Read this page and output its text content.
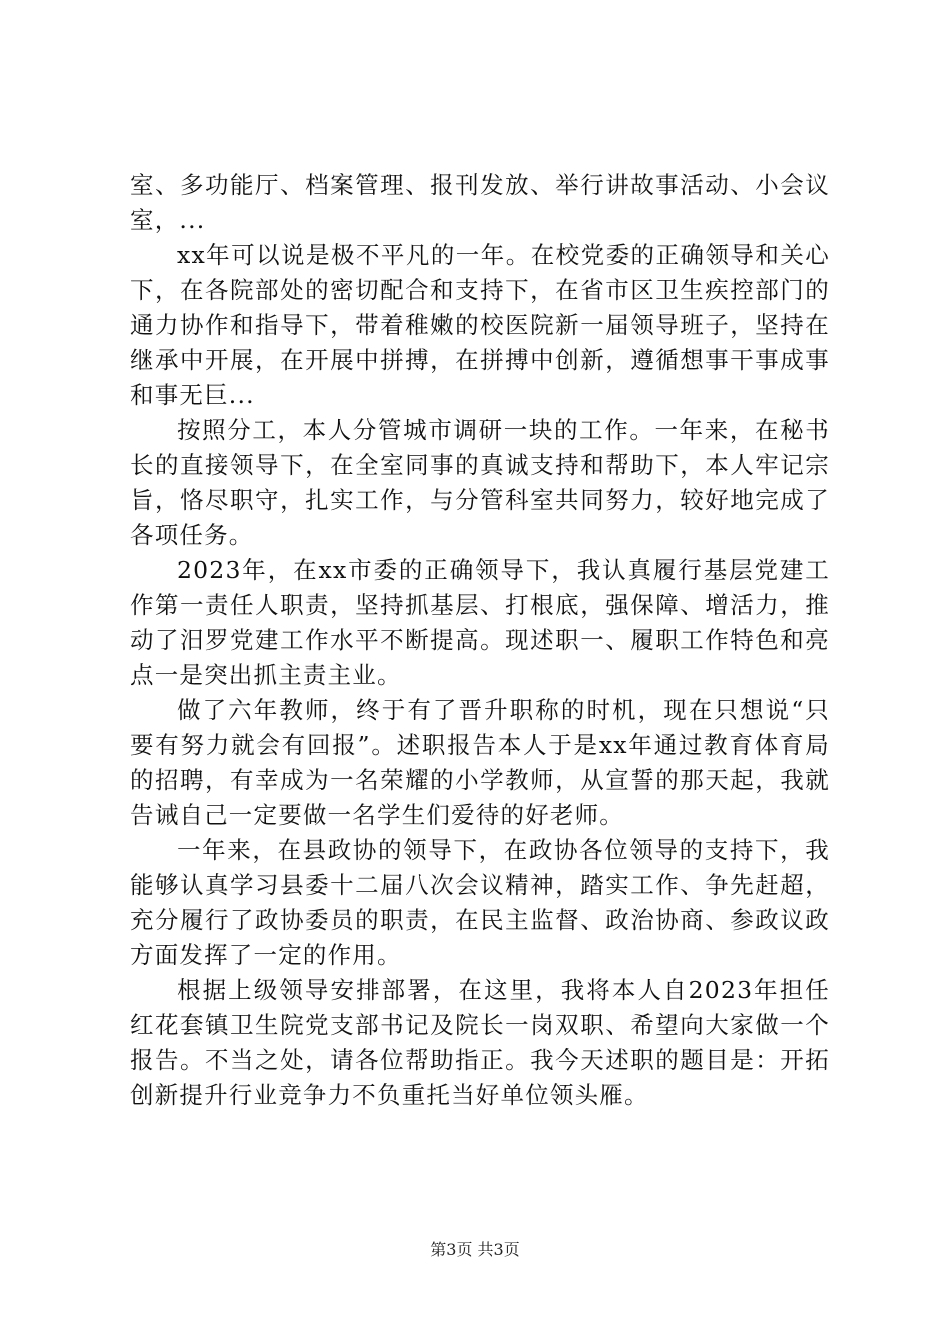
室、多功能厅、档案管理、报刊发放、举行讲故事活动、小会议室，...

xx年可以说是极不平凡的一年。在校党委的正确领导和关心下，在各院部处的密切配合和支持下，在省市区卫生疾控部门的通力协作和指导下，带着稚嫩的校医院新一届领导班子，坚持在继承中开展，在开展中拼搏，在拼搏中创新，遵循想事干事成事和事无巨...

按照分工，本人分管城市调研一块的工作。一年来，在秘书长的直接领导下，在全室同事的真诚支持和帮助下，本人牢记宗旨，恪尽职守，扎实工作，与分管科室共同努力，较好地完成了各项任务。

2023年，在xx市委的正确领导下，我认真履行基层党建工作第一责任人职责，坚持抓基层、打根底，强保障、增活力，推动了汨罗党建工作水平不断提高。现述职一、履职工作特色和亮点一是突出抓主责主业。

做了六年教师，终于有了晋升职称的时机，现在只想说“只要有努力就会有回报”。述职报告本人于是xx年通过教育体育局的招聘，有幸成为一名荣耀的小学教师，从宣誓的那天起，我就告诫自己一定要做一名学生们爱待的好老师。

一年来，在县政协的领导下，在政协各位领导的支持下，我能够认真学习县委十二届八次会议精神，踏实工作、争先赶超，充分履行了政协委员的职责，在民主监督、政治协商、参政议政方面发挥了一定的作用。

根据上级领导安排部署，在这里，我将本人自2023年担任红花套镇卫生院党支部书记及院长一岗双职、希望向大家做一个报告。不当之处，请各位帮助指正。我今天述职的题目是：开拓创新提升行业竞争力不负重托当好单位领头雁。

第3页 共3页
